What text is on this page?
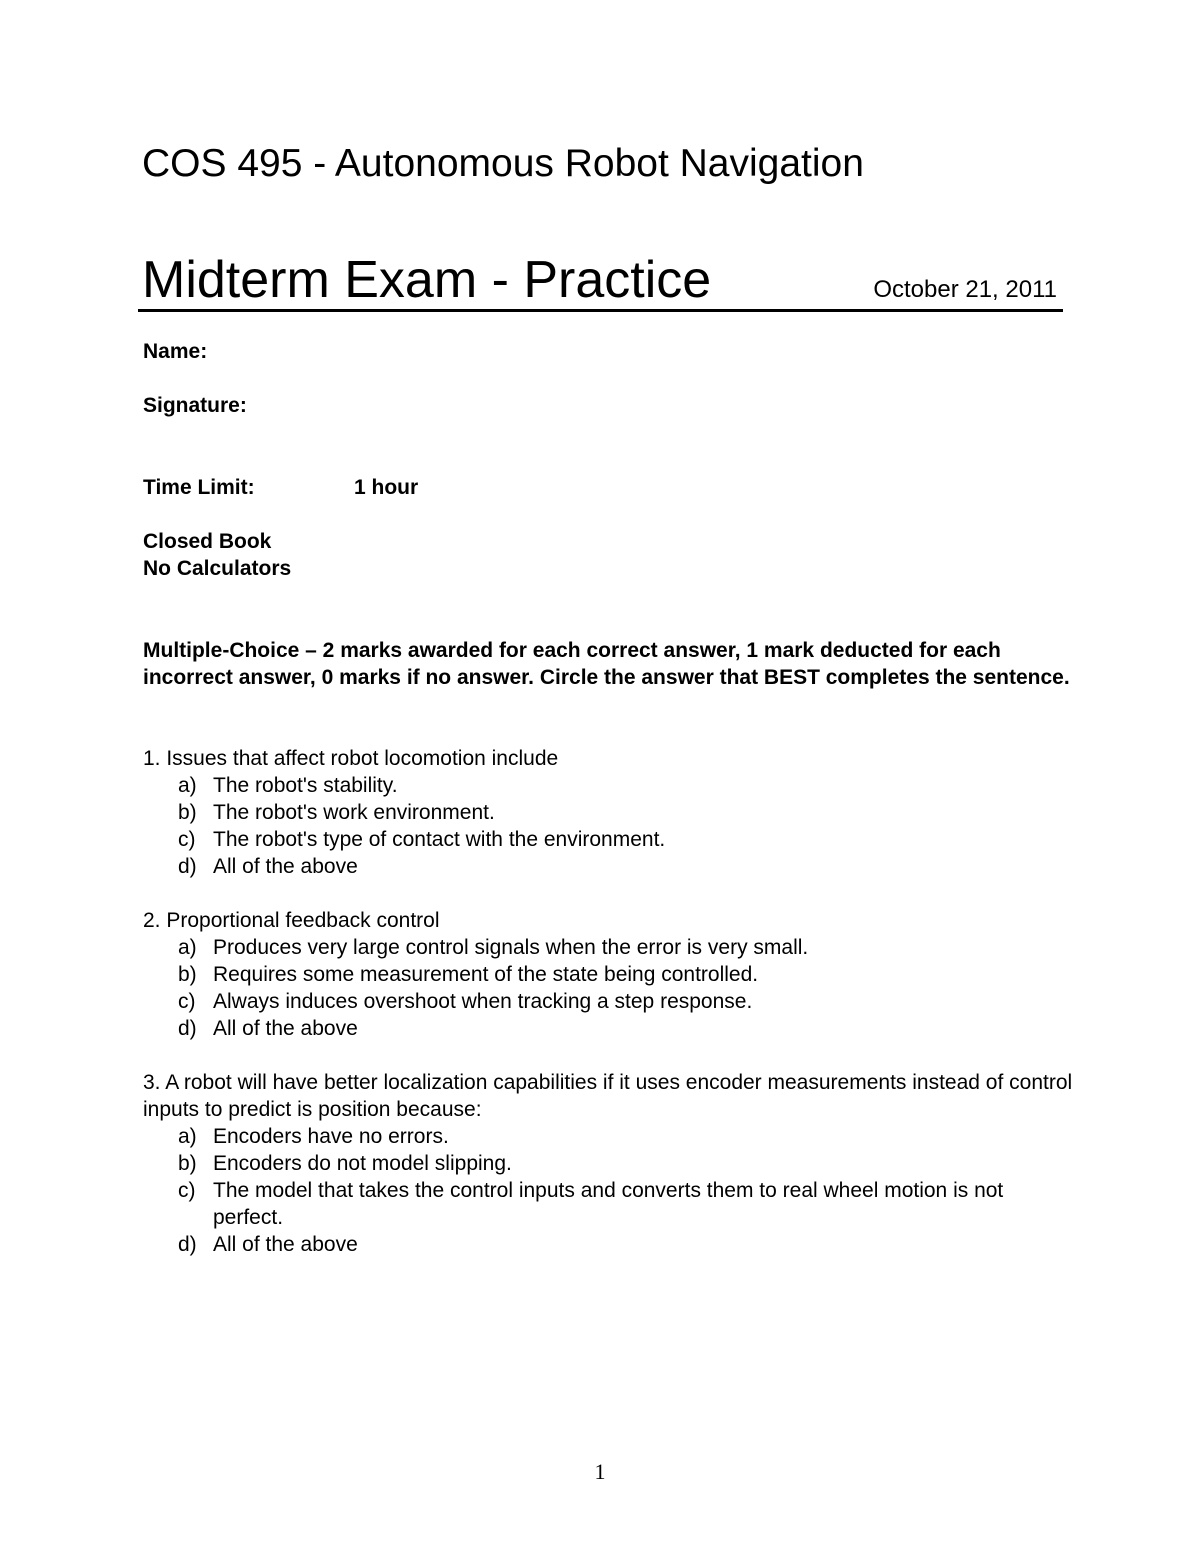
COS 495 - Autonomous Robot Navigation
Midterm Exam - Practice	October 21, 2011
Name:
Signature:
Time Limit:	1 hour
Closed Book
No Calculators
Multiple-Choice – 2 marks awarded for each correct answer, 1 mark deducted for each incorrect answer, 0 marks if no answer. Circle the answer that BEST completes the sentence.

1. Issues that affect robot locomotion include

a) The robot's stability.
b) The robot's work environment.
c) The robot's type of contact with the environment.
d) All of the above

2. Proportional feedback control

a) Produces very large control signals when the error is very small.
b) Requires some measurement of the state being controlled.
c) Always induces overshoot when tracking a step response.
d) All of the above

3. A robot will have better localization capabilities if it uses encoder measurements instead of control inputs to predict is position because:

a) Encoders have no errors.
b) Encoders do not model slipping.
c) The model that takes the control inputs and converts them to real wheel motion is not perfect.
d) All of the above
1
